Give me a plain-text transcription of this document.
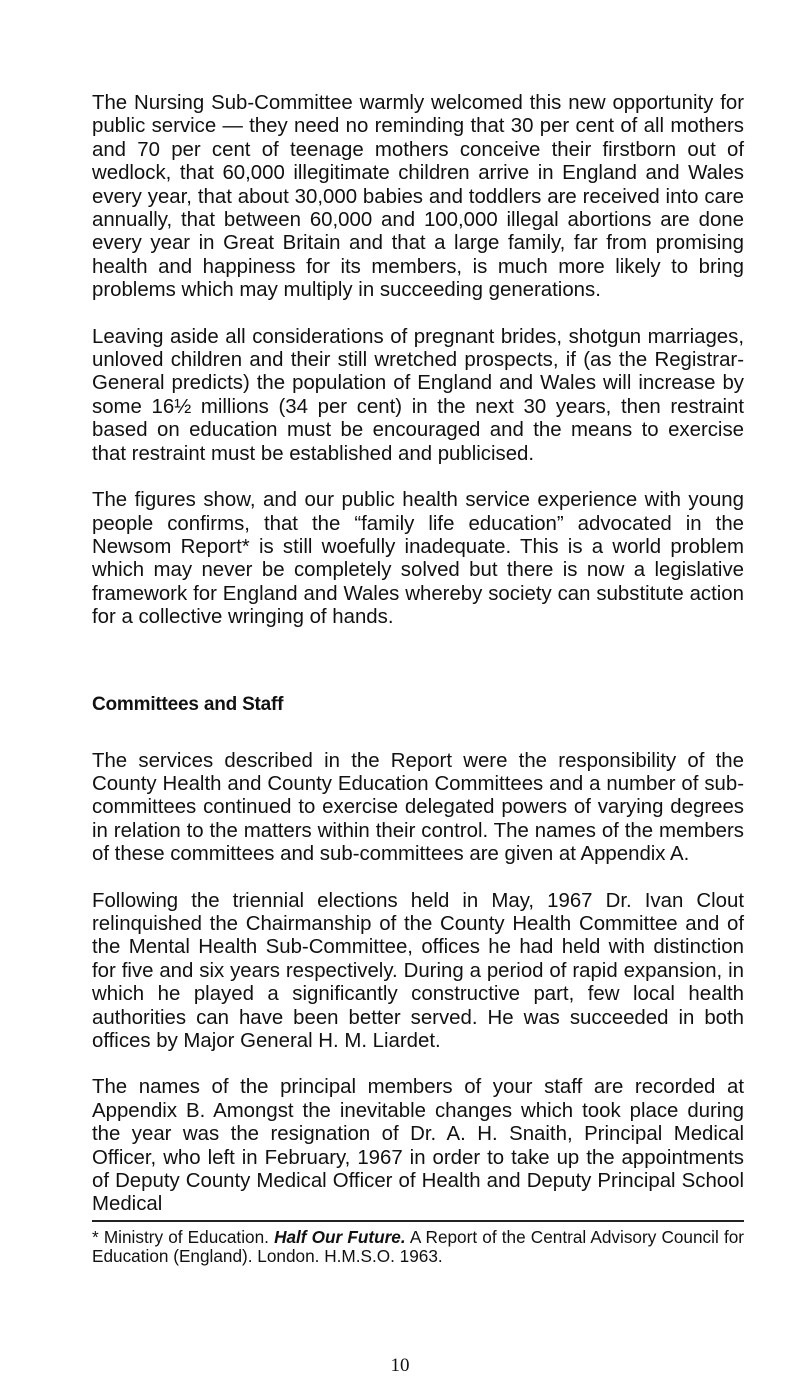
The Nursing Sub-Committee warmly welcomed this new opportunity for public service — they need no reminding that 30 per cent of all mothers and 70 per cent of teenage mothers conceive their firstborn out of wedlock, that 60,000 illegitimate children arrive in England and Wales every year, that about 30,000 babies and toddlers are received into care annually, that between 60,000 and 100,000 illegal abortions are done every year in Great Britain and that a large family, far from promising health and happiness for its members, is much more likely to bring problems which may multiply in succeeding generations.

Leaving aside all considerations of pregnant brides, shotgun marriages, unloved children and their still wretched prospects, if (as the Registrar-General predicts) the population of England and Wales will increase by some 16½ millions (34 per cent) in the next 30 years, then restraint based on education must be encouraged and the means to exercise that restraint must be established and publicised.

The figures show, and our public health service experience with young people confirms, that the “family life education” advocated in the Newsom Report* is still woefully inadequate. This is a world problem which may never be completely solved but there is now a legislative framework for England and Wales whereby society can substitute action for a collective wringing of hands.

Committees and Staff

The services described in the Report were the responsibility of the County Health and County Education Committees and a number of sub-committees continued to exercise delegated powers of varying degrees in relation to the matters within their control. The names of the members of these committees and sub-committees are given at Appendix A.

Following the triennial elections held in May, 1967 Dr. Ivan Clout relinquished the Chairmanship of the County Health Committee and of the Mental Health Sub-Committee, offices he had held with distinction for five and six years respectively. During a period of rapid expansion, in which he played a significantly constructive part, few local health authorities can have been better served. He was succeeded in both offices by Major General H. M. Liardet.

The names of the principal members of your staff are recorded at Appendix B. Amongst the inevitable changes which took place during the year was the resignation of Dr. A. H. Snaith, Principal Medical Officer, who left in February, 1967 in order to take up the appointments of Deputy County Medical Officer of Health and Deputy Principal School Medical

* Ministry of Education. Half Our Future. A Report of the Central Advisory Council for Education (England). London. H.M.S.O. 1963.

10
